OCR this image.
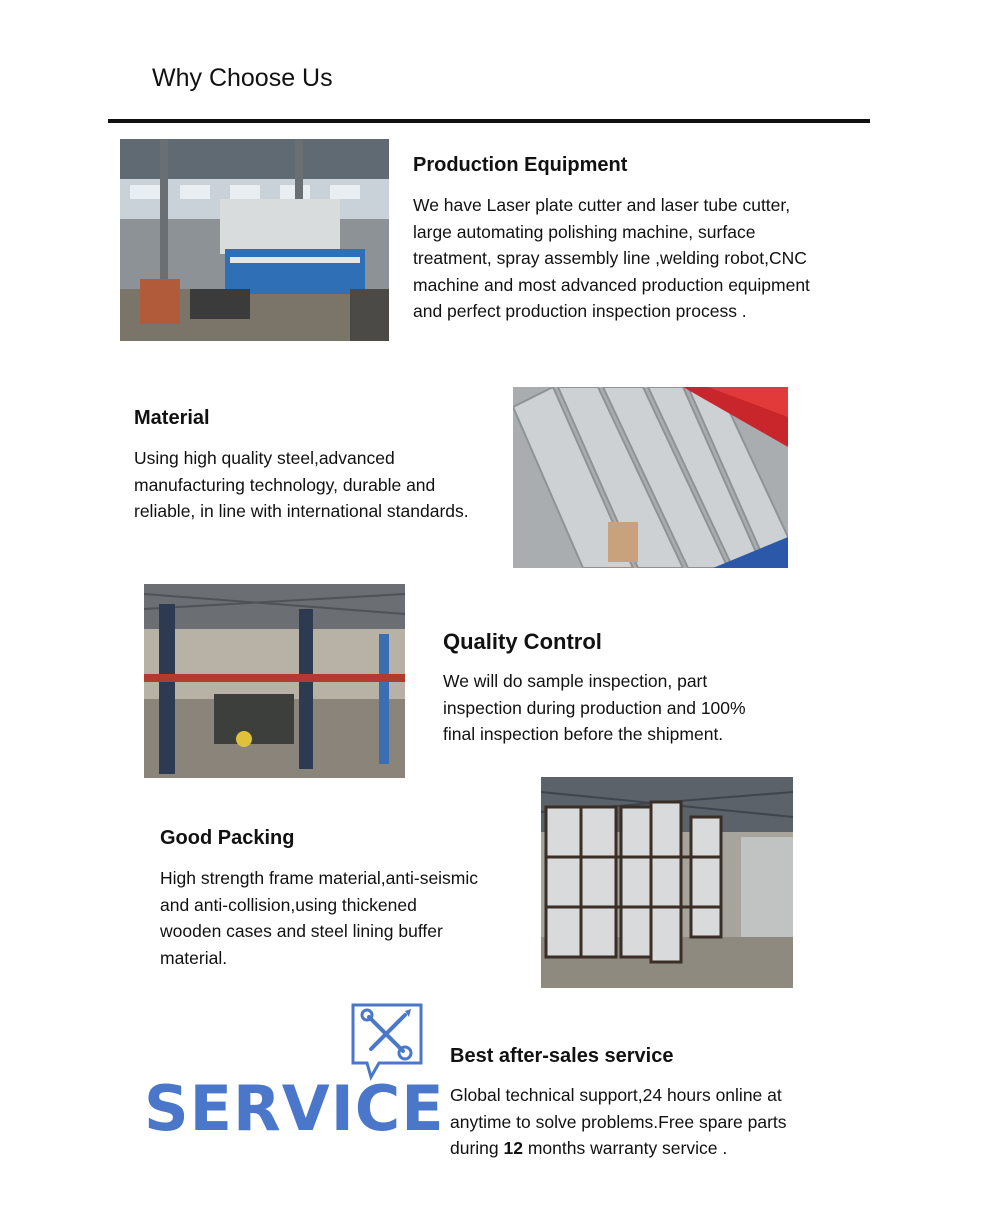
Why Choose Us
Production Equipment
We have Laser plate cutter and laser tube cutter,
large automating polishing machine, surface
treatment, spray assembly line ,welding robot,CNC
machine and most advanced production equipment
and perfect production inspection process .
Material
Using high quality steel,advanced
manufacturing technology, durable and
reliable, in line with international standards.
Quality Control
We will do sample inspection, part
inspection during production and 100%
final inspection before the shipment.
Good Packing
High strength frame material,anti-seismic
and anti-collision,using thickened
wooden cases and steel lining buffer
material.
SERVICE
Best after-sales service
Global technical support,24 hours online at
anytime to solve problems.Free spare parts
during 12 months warranty service .
